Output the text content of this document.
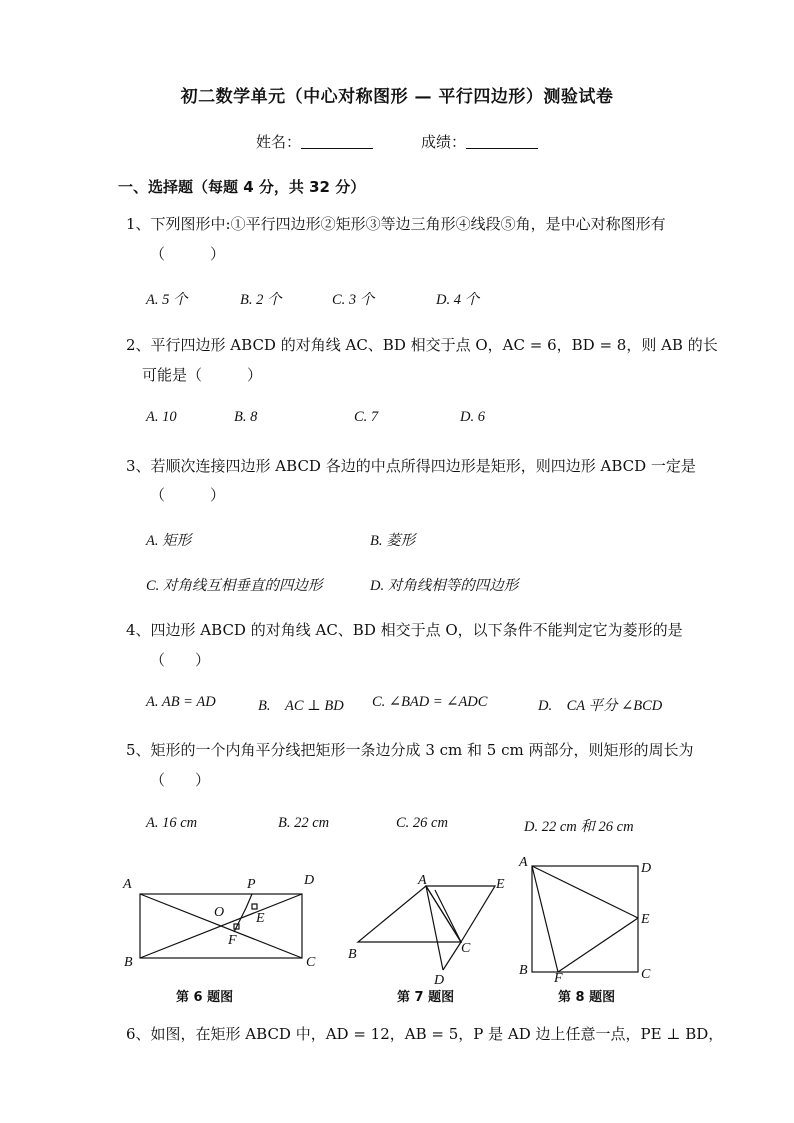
初二数学单元（中心对称图形 — 平行四边形）测验试卷
姓名：	成绩：
一、选择题（每题 4 分，共 32 分）
1、下列图形中:①平行四边形②矩形③等边三角形④线段⑤角，是中心对称图形有
（　　　）
A. 5 个	B. 2 个	C. 3 个	D. 4 个
2、平行四边形 ABCD 的对角线 AC、BD 相交于点 O，AC = 6，BD = 8，则 AB 的长
可能是（　　　）
A. 10	B. 8	C. 7	D. 6
3、若顺次连接四边形 ABCD 各边的中点所得四边形是矩形，则四边形 ABCD 一定是
（　　　）
A. 矩形	B. 菱形
C. 对角线互相垂直的四边形	D. 对角线相等的四边形
4、四边形 ABCD 的对角线 AC、BD 相交于点 O，以下条件不能判定它为菱形的是
（　　）
A. AB = AD	B.　AC ⊥ BD C. ∠BAD = ∠ADC	D.　CA 平分 ∠BCD
5、矩形的一个内角平分线把矩形一条边分成 3 cm 和 5 cm 两部分，则矩形的周长为
（　　）
A. 16 cm	B. 22 cm	C. 26 cm	D. 22 cm 和 26 cm
A	P	D
O E
F
B	C
第 6 题图
A	E
B	C
D
第 7 题图
A	D
E
B
F	C
第 8 题图
6、如图，在矩形 ABCD 中，AD = 12，AB = 5，P 是 AD 边上任意一点，PE ⊥ BD，
